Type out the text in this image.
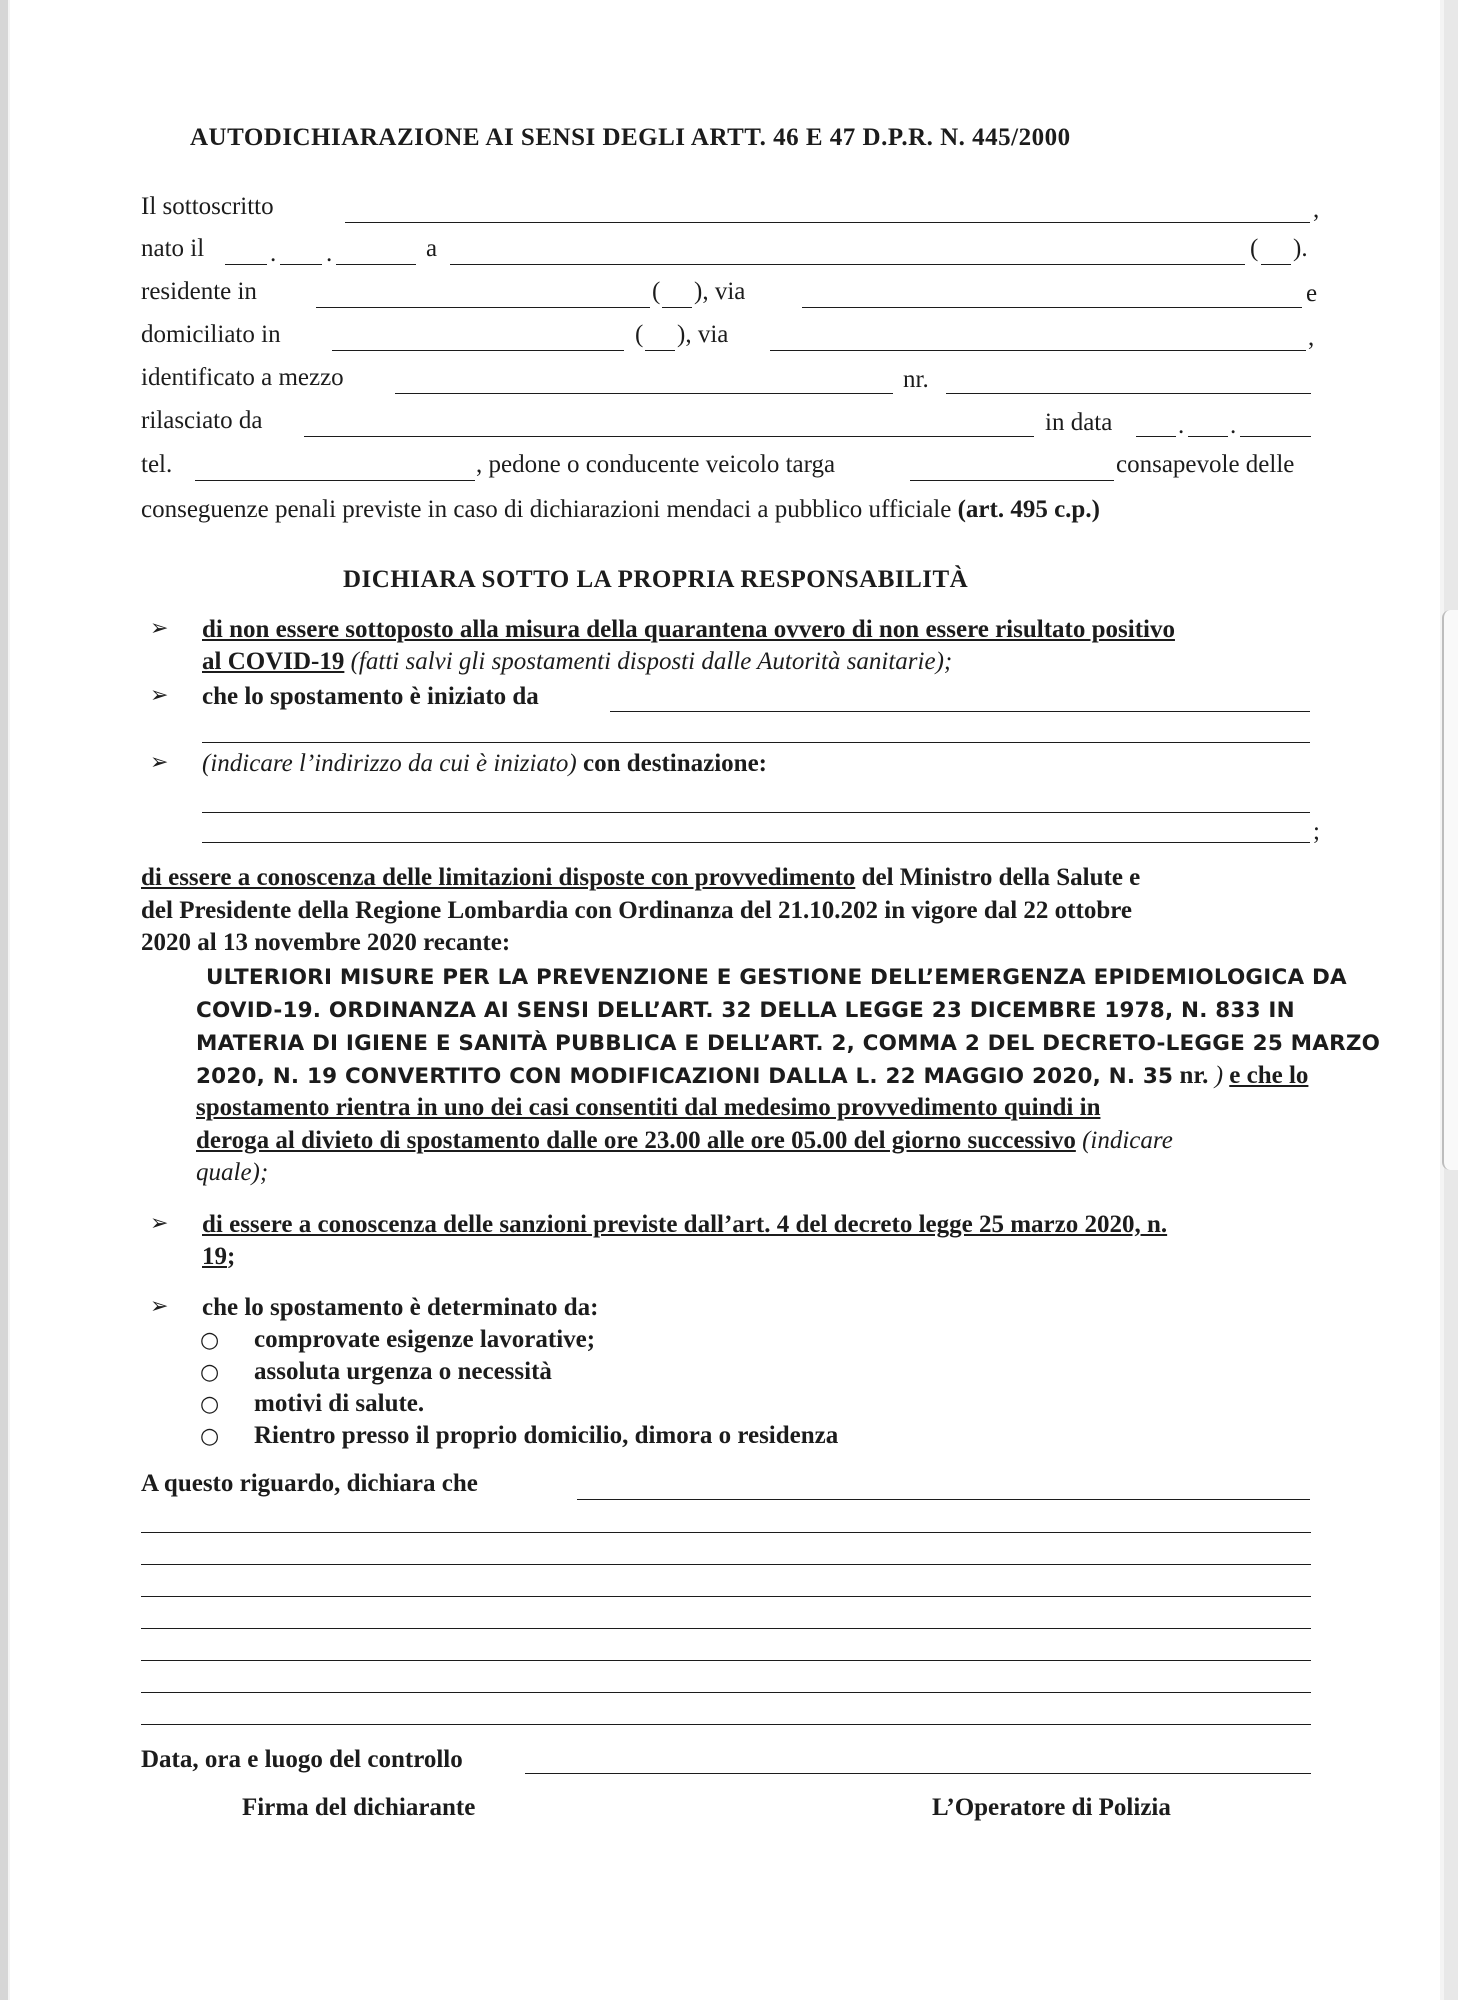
AUTODICHIARAZIONE AI SENSI DEGLI ARTT. 46 E 47 D.P.R. N. 445/2000
Il sottoscritto	,
nato il	. .	a	( ).
residente in	( ), via	e
domiciliato in	( ), via	,
identificato a mezzo	nr.
rilasciato da	in data	. .
tel.	, pedone o conducente veicolo targa	consapevole delle
conseguenze penali previste in caso di dichiarazioni mendaci a pubblico ufficiale (art. 495 c.p.)
DICHIARA SOTTO LA PROPRIA RESPONSABILITÀ
➢ di non essere sottoposto alla misura della quarantena ovvero di non essere risultato positivo
al COVID-19 (fatti salvi gli spostamenti disposti dalle Autorità sanitarie);
➢ che lo spostamento è iniziato da
➢ (indicare l’indirizzo da cui è iniziato) con destinazione:
;
di essere a conoscenza delle limitazioni disposte con provvedimento del Ministro della Salute e
del Presidente della Regione Lombardia con Ordinanza del 21.10.202 in vigore dal 22 ottobre
2020 al 13 novembre 2020 recante:
ULTERIORI MISURE PER LA PREVENZIONE E GESTIONE DELL’EMERGENZA EPIDEMIOLOGICA DA
COVID-19. ORDINANZA AI SENSI DELL’ART. 32 DELLA LEGGE 23 DICEMBRE 1978, N. 833 IN
MATERIA DI IGIENE E SANITÀ PUBBLICA E DELL’ART. 2, COMMA 2 DEL DECRETO-LEGGE 25 MARZO
2020, N. 19 CONVERTITO CON MODIFICAZIONI DALLA L. 22 MAGGIO 2020, N. 35 nr. ) e che lo
spostamento rientra in uno dei casi consentiti dal medesimo provvedimento quindi in
deroga al divieto di spostamento dalle ore 23.00 alle ore 05.00 del giorno successivo (indicare
quale);
➢ di essere a conoscenza delle sanzioni previste dall’art. 4 del decreto legge 25 marzo 2020, n.
19;
➢ che lo spostamento è determinato da:
○ comprovate esigenze lavorative;
○ assoluta urgenza o necessità
○ motivi di salute.
○ Rientro presso il proprio domicilio, dimora o residenza
A questo riguardo, dichiara che
Data, ora e luogo del controllo
Firma del dichiarante	L’Operatore di Polizia
